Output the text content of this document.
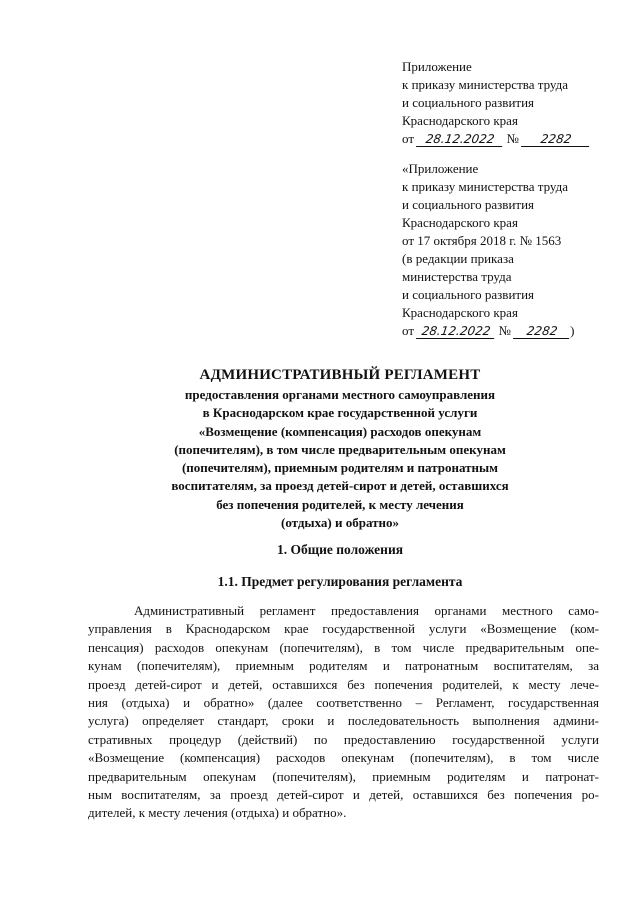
Приложение
к приказу министерства труда
и социального развития
Краснодарского края
от 28.12.2022 № 2282
«Приложение
к приказу министерства труда
и социального развития
Краснодарского края
от 17 октября 2018 г. № 1563
(в редакции приказа
министерства труда
и социального развития
Краснодарского края
от 28.12.2022 № 2282 )
АДМИНИСТРАТИВНЫЙ РЕГЛАМЕНТ
предоставления органами местного самоуправления
в Краснодарском крае государственной услуги
«Возмещение (компенсация) расходов опекунам
(попечителям), в том числе предварительным опекунам
(попечителям), приемным родителям и патронатным
воспитателям, за проезд детей-сирот и детей, оставшихся
без попечения родителей, к месту лечения
(отдыха) и обратно»
1. Общие положения
1.1. Предмет регулирования регламента
Административный регламент предоставления органами местного само-
управления в Краснодарском крае государственной услуги «Возмещение (ком-
пенсация) расходов опекунам (попечителям), в том числе предварительным опе-
кунам (попечителям), приемным родителям и патронатным воспитателям, за
проезд детей-сирот и детей, оставшихся без попечения родителей, к месту лече-
ния (отдыха) и обратно» (далее соответственно – Регламент, государственная
услуга) определяет стандарт, сроки и последовательность выполнения админи-
стративных процедур (действий) по предоставлению государственной услуги
«Возмещение (компенсация) расходов опекунам (попечителям), в том числе
предварительным опекунам (попечителям), приемным родителям и патронат-
ным воспитателям, за проезд детей-сирот и детей, оставшихся без попечения ро-
дителей, к месту лечения (отдыха) и обратно».
